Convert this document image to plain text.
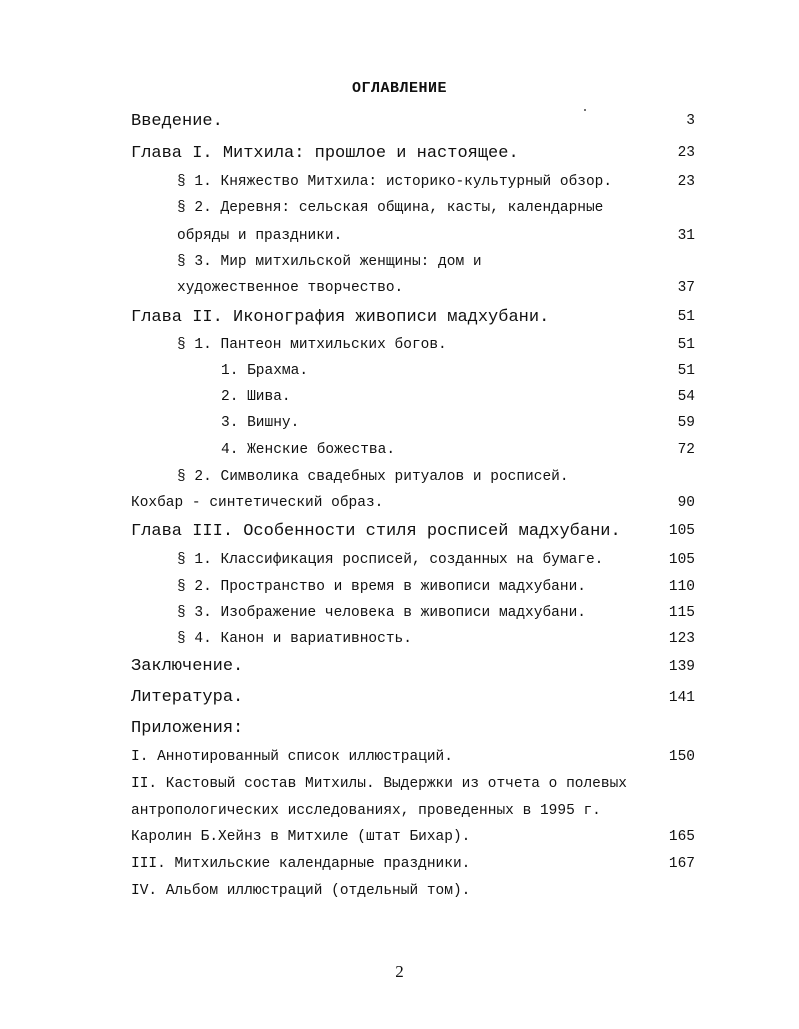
ОГЛАВЛЕНИЕ
Введение.	3
Глава I. Митхила: прошлое и настоящее.	23
§ 1. Княжество Митхила: историко-культурный обзор.	23
§ 2. Деревня: сельская община, касты, календарные
обряды и праздники.	31
§ 3. Мир митхильской женщины: дом и
художественное творчество.	37
Глава II. Иконография живописи мадхубани.	51
§ 1. Пантеон митхильских богов.	51
1. Брахма.	51
2. Шива.	54
3. Вишну.	59
4. Женские божества.	72
§ 2. Символика свадебных ритуалов и росписей.
Кохбар - синтетический образ.	90
Глава III. Особенности стиля росписей мадхубани.	105
§ 1. Классификация росписей, созданных на бумаге.	105
§ 2. Пространство и время в живописи мадхубани.	110
§ 3. Изображение человека в живописи мадхубани.	115
§ 4. Канон и вариативность.	123
Заключение.	139
Литература.	141
Приложения:
I. Аннотированный список иллюстраций.	150
II. Кастовый состав Митхилы. Выдержки из отчета о полевых
антропологических исследованиях, проведенных в 1995 г.
Каролин Б.Хейнз в Митхиле (штат Бихар).	165
III. Митхильские календарные праздники.	167
IV. Альбом иллюстраций (отдельный том).
2
